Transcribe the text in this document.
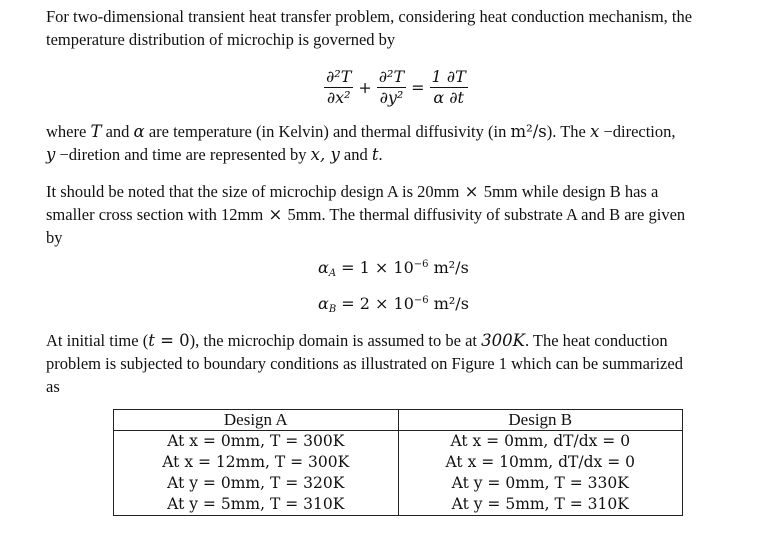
For two-dimensional transient heat transfer problem, considering heat conduction mechanism, the
temperature distribution of microchip is governed by

$\frac{\text{∂²T}}{\text{∂x²}} + \frac{\text{∂²T}}{\text{∂y²}} = \frac{1 \partial T}{\alpha \partial t}$

where T and α are temperature (in Kelvin) and thermal diffusivity (in m²/s). The x −direction,
y −diretion and time are represented by x, y and t.

It should be noted that the size of microchip design A is 20mm × 5mm while design B has a
smaller cross section with 12mm × 5mm. The thermal diffusivity of substrate A and B are given
by

$\alpha_A = 1 \times 10^{-6}$ m²/s
$\alpha_B = 2 \times 10^{-6}$ m²/s

At initial time (t = 0), the microchip domain is assumed to be at 300K. The heat conduction
problem is subjected to boundary conditions as illustrated on Figure 1 which can be summarized
as

Design A	Design B
At x = 0mm, T = 300K	At x = 0mm, dT/dx = 0
At x = 12mm, T = 300K	At x = 10mm, dT/dx = 0
At y = 0mm, T = 320K	At y = 0mm, T = 330K
At y = 5mm, T = 310K	At y = 5mm, T = 310K
